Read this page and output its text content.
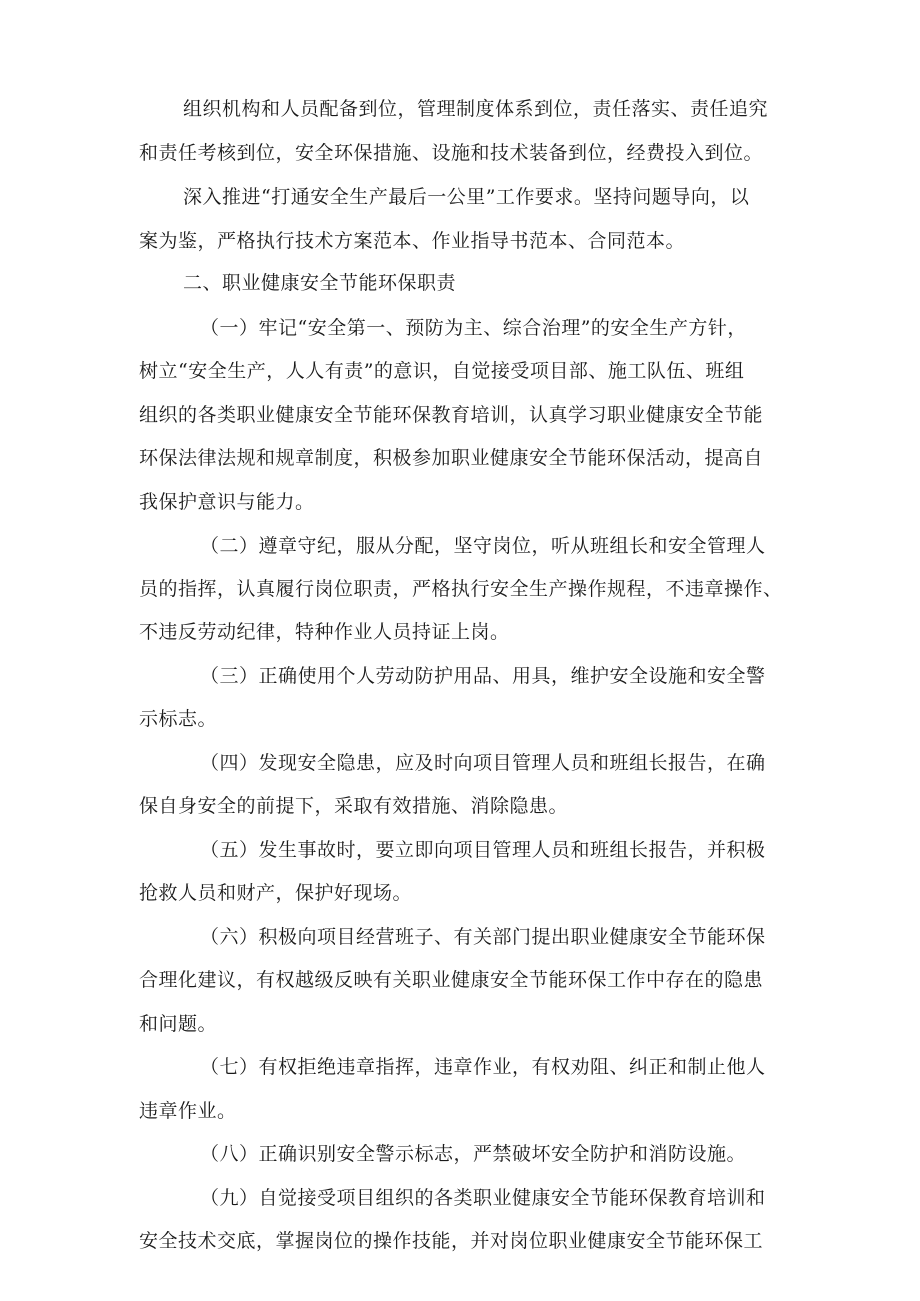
组织机构和人员配备到位，管理制度体系到位，责任落实、责任追究
和责任考核到位，安全环保措施、设施和技术装备到位，经费投入到位。
深入推进“打通安全生产最后一公里”工作要求。坚持问题导向，以
案为鉴，严格执行技术方案范本、作业指导书范本、合同范本。
二、职业健康安全节能环保职责
（一）牢记“安全第一、预防为主、综合治理”的安全生产方针，
树立“安全生产，人人有责”的意识，自觉接受项目部、施工队伍、班组
组织的各类职业健康安全节能环保教育培训，认真学习职业健康安全节能
环保法律法规和规章制度，积极参加职业健康安全节能环保活动，提高自
我保护意识与能力。
（二）遵章守纪，服从分配，坚守岗位，听从班组长和安全管理人
员的指挥，认真履行岗位职责，严格执行安全生产操作规程，不违章操作、
不违反劳动纪律，特种作业人员持证上岗。
（三）正确使用个人劳动防护用品、用具，维护安全设施和安全警
示标志。
（四）发现安全隐患，应及时向项目管理人员和班组长报告，在确
保自身安全的前提下，采取有效措施、消除隐患。
（五）发生事故时，要立即向项目管理人员和班组长报告，并积极
抢救人员和财产，保护好现场。
（六）积极向项目经营班子、有关部门提出职业健康安全节能环保
合理化建议，有权越级反映有关职业健康安全节能环保工作中存在的隐患
和问题。
（七）有权拒绝违章指挥，违章作业，有权劝阻、纠正和制止他人
违章作业。
（八）正确识别安全警示标志，严禁破坏安全防护和消防设施。
（九）自觉接受项目组织的各类职业健康安全节能环保教育培训和
安全技术交底，掌握岗位的操作技能，并对岗位职业健康安全节能环保工
